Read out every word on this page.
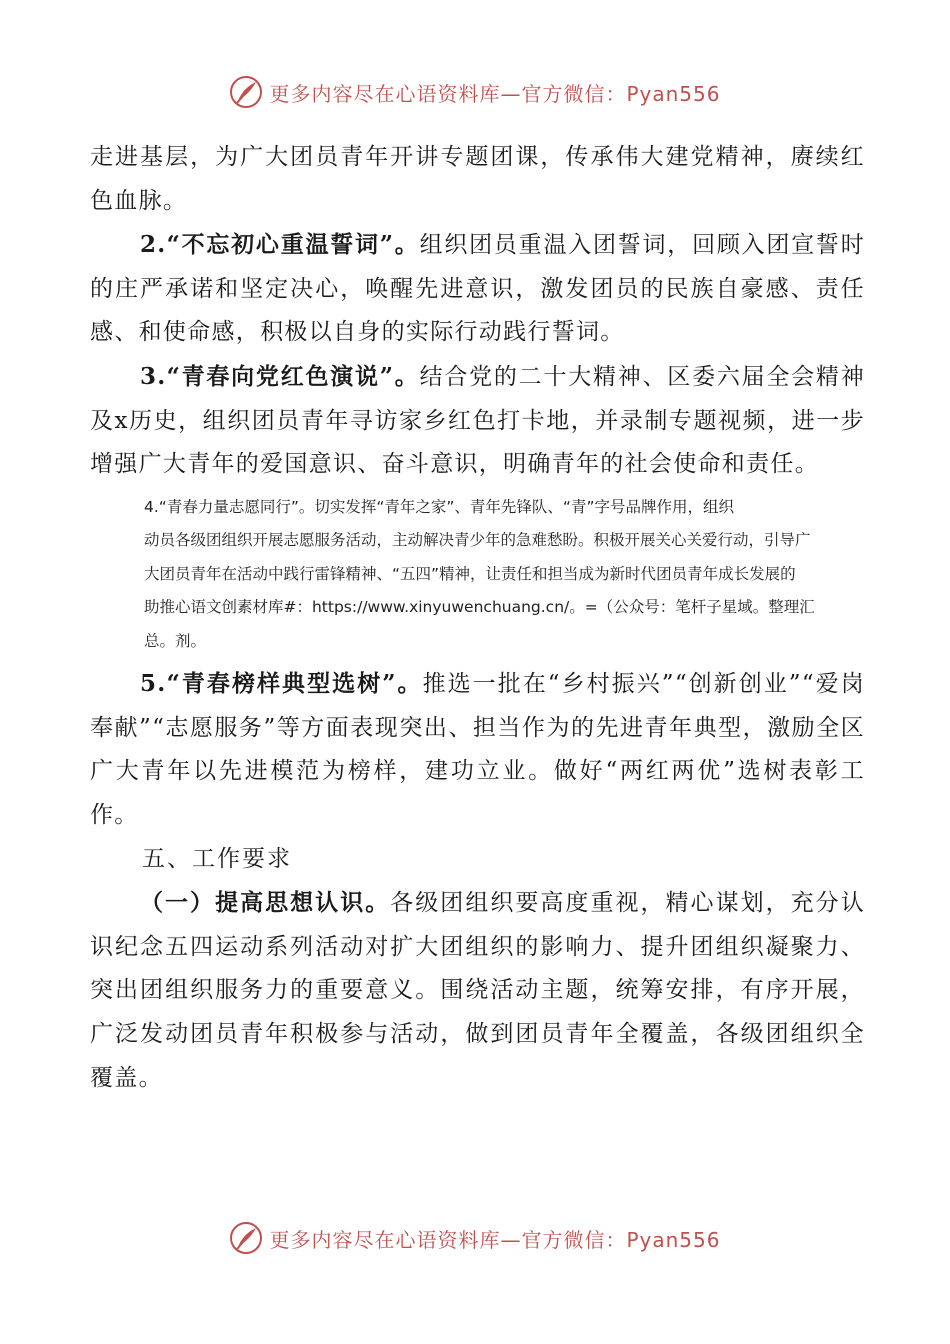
更多内容尽在心语资料库—官方微信：Pyan556

走进基层，为广大团员青年开讲专题团课，传承伟大建党精神，赓续红色血脉。

2.“不忘初心重温誓词”。组织团员重温入团誓词，回顾入团宣誓时的庄严承诺和坚定决心，唤醒先进意识，激发团员的民族自豪感、责任感、和使命感，积极以自身的实际行动践行誓词。

3.“青春向党红色演说”。结合党的二十大精神、区委六届全会精神及x历史，组织团员青年寻访家乡红色打卡地，并录制专题视频，进一步增强广大青年的爱国意识、奋斗意识，明确青年的社会使命和责任。

4.“青春力量志愿同行”。切实发挥“青年之家”、青年先锋队、“青”字号品牌作用，组织
动员各级团组织开展志愿服务活动，主动解决青少年的急难愁盼。积极开展关心关爱行动，引导广
大团员青年在活动中践行雷锋精神、“五四”精神，让责任和担当成为新时代团员青年成长发展的
助推心语文创素材库#：https://www.xinyuwenchuang.cn/。=（公众号：笔杆子星域。整理汇
总。剂。

5.“青春榜样典型选树”。推选一批在“乡村振兴”“创新创业”“爱岗奉献”“志愿服务”等方面表现突出、担当作为的先进青年典型，激励全区广大青年以先进模范为榜样，建功立业。做好“两红两优”选树表彰工作。

五、工作要求

（一）提高思想认识。各级团组织要高度重视，精心谋划，充分认识纪念五四运动系列活动对扩大团组织的影响力、提升团组织凝聚力、突出团组织服务力的重要意义。围绕活动主题，统筹安排，有序开展，广泛发动团员青年积极参与活动，做到团员青年全覆盖，各级团组织全覆盖。

更多内容尽在心语资料库—官方微信：Pyan556
